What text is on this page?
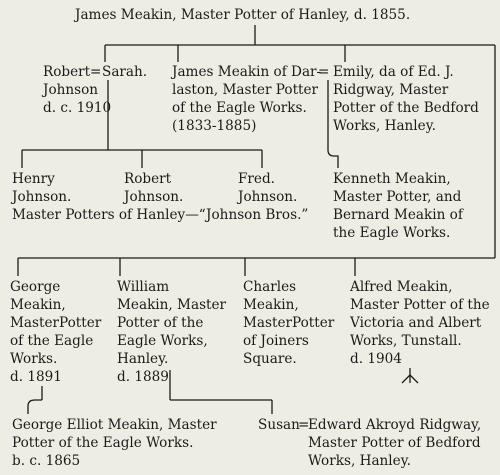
James Meakin, Master Potter of Hanley, d. 1855.

Robert
Johnson
d. c. 1910

= Sarah. James Meakin of Dar-
laston, Master Potter
of the Eagle Works.
(1833-1885)

= Emily, da of Ed. J.
Ridgway, Master
Potter of the Bedford
Works, Hanley.

Henry
Johnson.

Robert
Johnson.

Fred.
Johnson.

Master Potters of Hanley—“Johnson Bros.”

Kenneth Meakin,
Master Potter, and
Bernard Meakin of
the Eagle Works.

George
Meakin,
MasterPotter
of the Eagle
Works.
d. 1891

William
Meakin, Master
Potter of the
Eagle Works,
Hanley.
d. 1889

Charles
Meakin,
MasterPotter
of Joiners
Square.

Alfred Meakin,
Master Potter of the
Victoria and Albert
Works, Tunstall.
d. 1904

George Elliot Meakin, Master
Potter of the Eagle Works.
b. c. 1865

Susan

=

Edward Akroyd Ridgway,
Master Potter of Bedford
Works, Hanley.
